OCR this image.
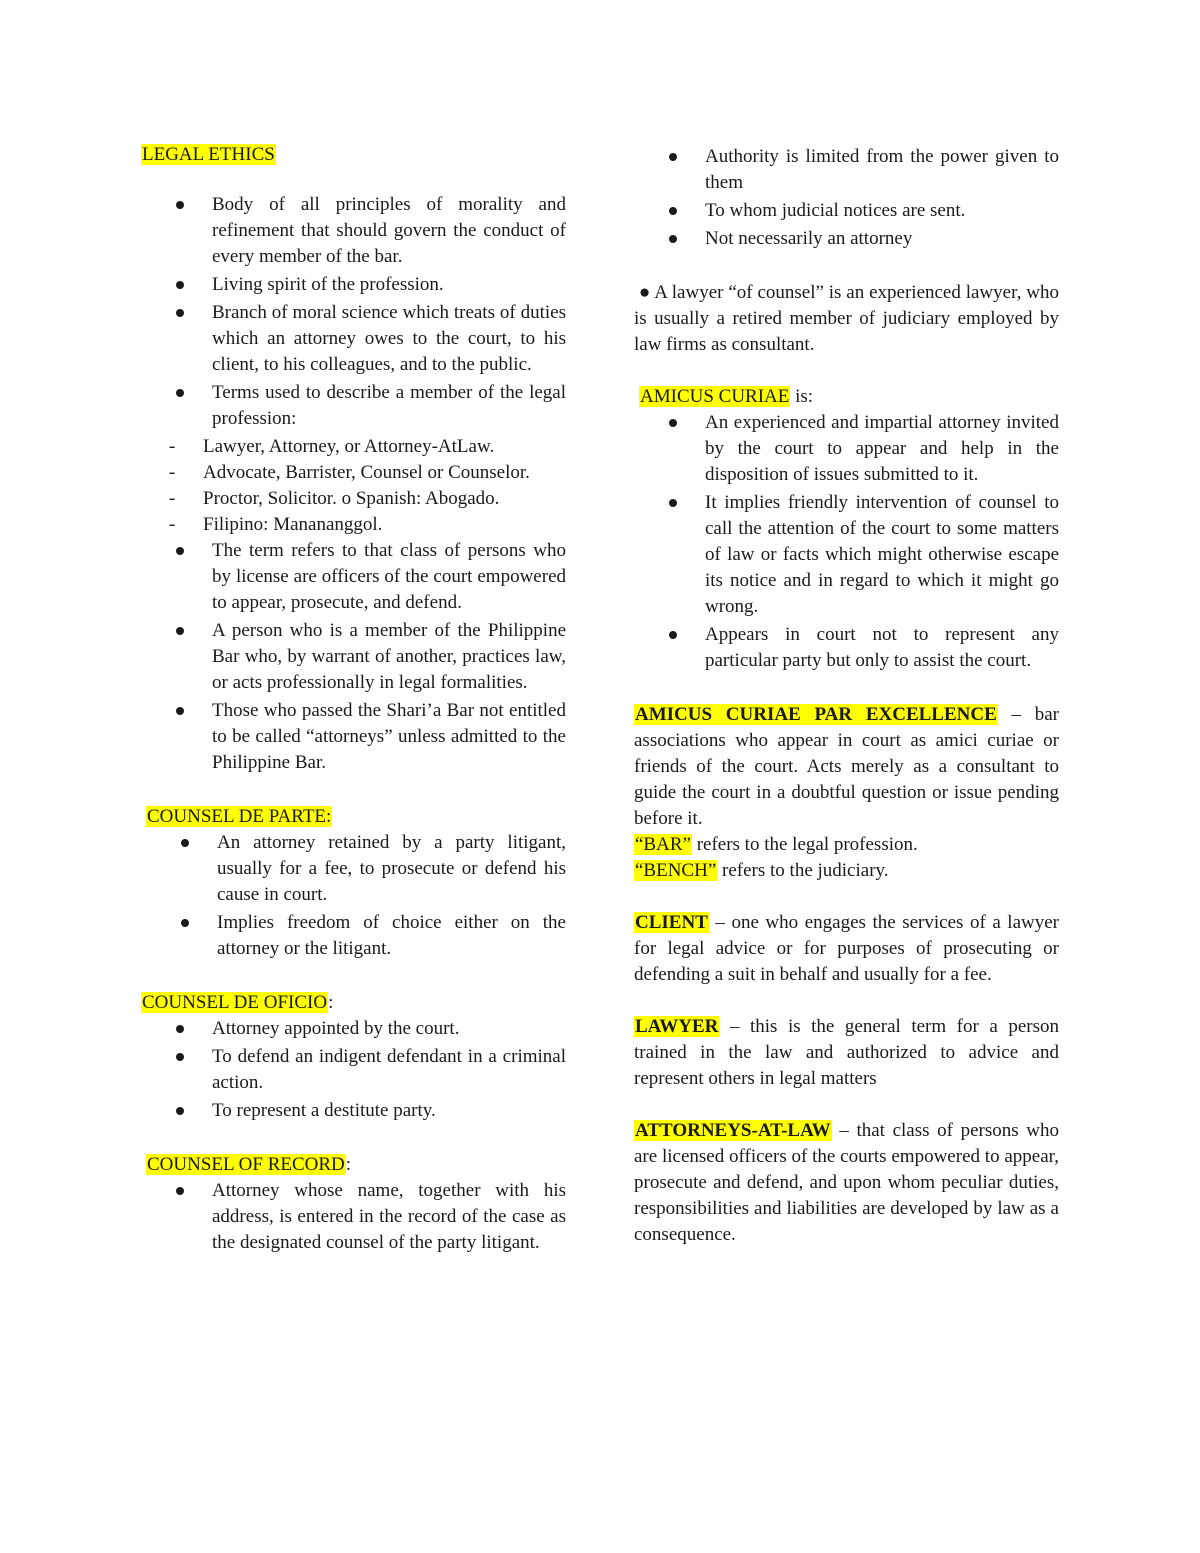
LEGAL ETHICS

Body of all principles of morality and refinement that should govern the conduct of every member of the bar.
Living spirit of the profession.
Branch of moral science which treats of duties which an attorney owes to the court, to his client, to his colleagues, and to the public.
Terms used to describe a member of the legal profession:
- Lawyer, Attorney, or Attorney-AtLaw.
- Advocate, Barrister, Counsel or Counselor.
- Proctor, Solicitor. o Spanish: Abogado.
- Filipino: Manananggol.
The term refers to that class of persons who by license are officers of the court empowered to appear, prosecute, and defend.
A person who is a member of the Philippine Bar who, by warrant of another, practices law, or acts professionally in legal formalities.
Those who passed the Shari’a Bar not entitled to be called “attorneys” unless admitted to the Philippine Bar.

COUNSEL DE PARTE:

An attorney retained by a party litigant, usually for a fee, to prosecute or defend his cause in court.
Implies freedom of choice either on the attorney or the litigant.

COUNSEL DE OFICIO:

Attorney appointed by the court.
To defend an indigent defendant in a criminal action.
To represent a destitute party.

COUNSEL OF RECORD:

Attorney whose name, together with his address, is entered in the record of the case as the designated counsel of the party litigant.
Authority is limited from the power given to them
To whom judicial notices are sent.
Not necessarily an attorney

● A lawyer “of counsel” is an experienced lawyer, who is usually a retired member of judiciary employed by law firms as consultant.

AMICUS CURIAE is:

An experienced and impartial attorney invited by the court to appear and help in the disposition of issues submitted to it.
It implies friendly intervention of counsel to call the attention of the court to some matters of law or facts which might otherwise escape its notice and in regard to which it might go wrong.
Appears in court not to represent any particular party but only to assist the court.

AMICUS CURIAE PAR EXCELLENCE – bar associations who appear in court as amici curiae or friends of the court. Acts merely as a consultant to guide the court in a doubtful question or issue pending before it.

“BAR” refers to the legal profession.

“BENCH” refers to the judiciary.

CLIENT – one who engages the services of a lawyer for legal advice or for purposes of prosecuting or defending a suit in behalf and usually for a fee.

LAWYER – this is the general term for a person trained in the law and authorized to advice and represent others in legal matters

ATTORNEYS-AT-LAW – that class of persons who are licensed officers of the courts empowered to appear, prosecute and defend, and upon whom peculiar duties, responsibilities and liabilities are developed by law as a consequence.
